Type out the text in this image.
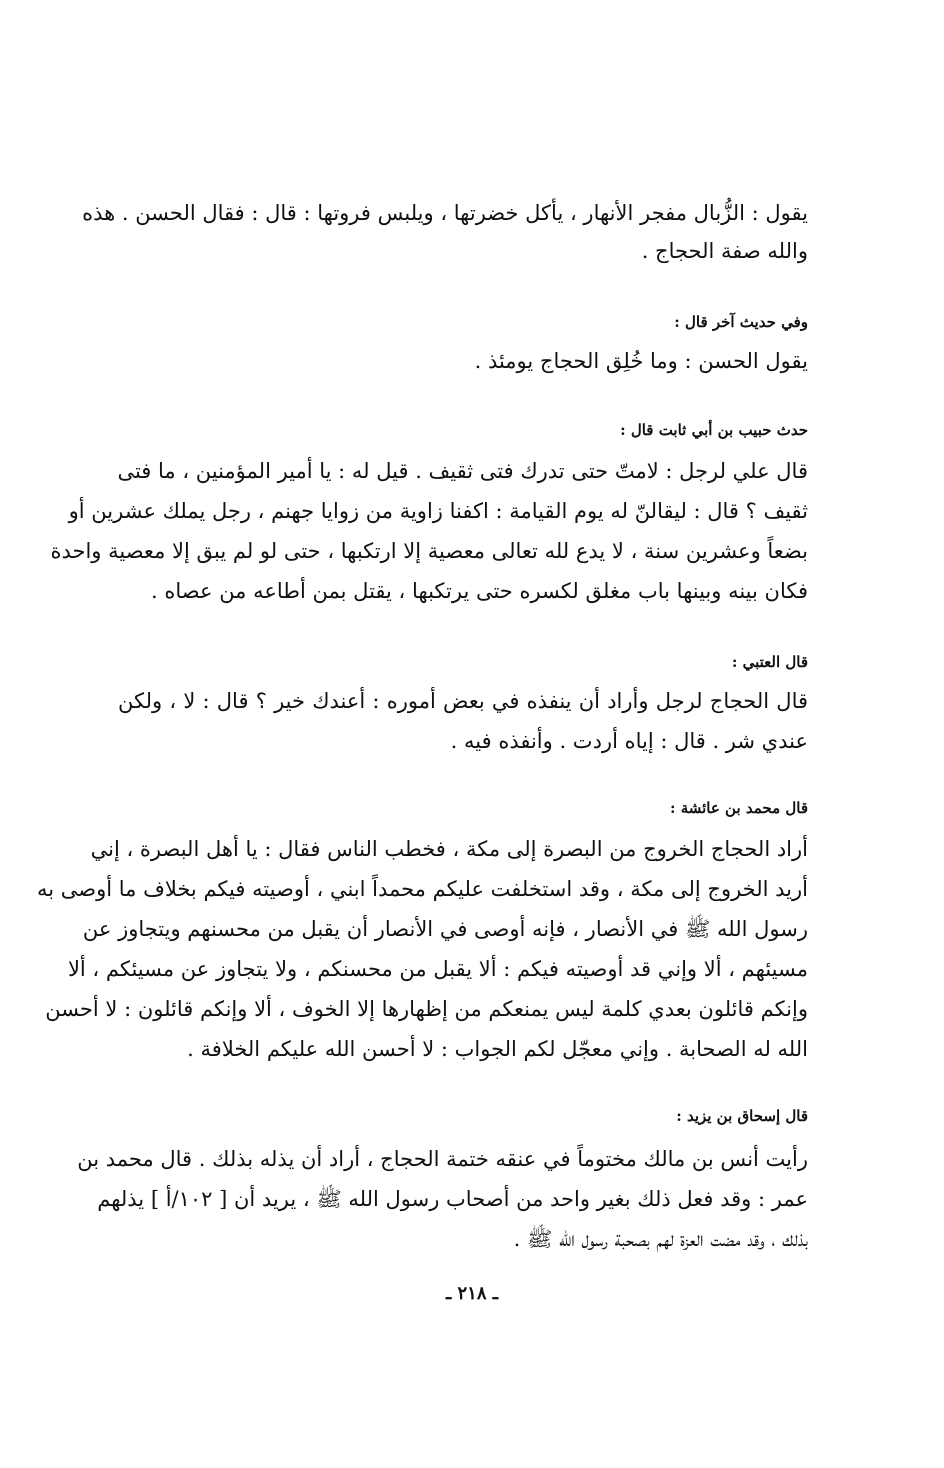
يقول : الزُّبال مفجر الأنهار ، يأكل خضرتها ، ويلبس فروتها : قال : فقال الحسن . هذه
والله صفة الحجاج .
وفي حديث آخر قال :
يقول الحسن : وما خُلِق الحجاج يومئذ .
حدث حبيب بن أبي ثابت قال :
قال علي لرجل : لامتّ حتى تدرك فتى ثقيف . قيل له : يا أمير المؤمنين ، ما فتى
ثقيف ؟ قال : ليقالنّ له يوم القيامة : اكفنا زاوية من زوايا جهنم ، رجل يملك عشرين أو
بضعاً وعشرين سنة ، لا يدع لله تعالى معصية إلا ارتكبها ، حتى لو لم يبق إلا معصية واحدة
فكان بينه وبينها باب مغلق لكسره حتى يرتكبها ، يقتل بمن أطاعه من عصاه .
قال العتبي :
قال الحجاج لرجل وأراد أن ينفذه في بعض أموره : أعندك خير ؟ قال : لا ، ولكن
عندي شر . قال : إياه أردت . وأنفذه فيه .
قال محمد بن عائشة :
أراد الحجاج الخروج من البصرة إلى مكة ، فخطب الناس فقال : يا أهل البصرة ، إني
أريد الخروج إلى مكة ، وقد استخلفت عليكم محمداً ابني ، أوصيته فيكم بخلاف ما أوصى به
رسول الله ﷺ في الأنصار ، فإنه أوصى في الأنصار أن يقبل من محسنهم ويتجاوز عن
مسيئهم ، ألا وإني قد أوصيته فيكم : ألا يقبل من محسنكم ، ولا يتجاوز عن مسيئكم ، ألا
وإنكم قائلون بعدي كلمة ليس يمنعكم من إظهارها إلا الخوف ، ألا وإنكم قائلون : لا أحسن
الله له الصحابة . وإني معجّل لكم الجواب : لا أحسن الله عليكم الخلافة .
قال إسحاق بن يزيد :
رأيت أنس بن مالك مختوماً في عنقه ختمة الحجاج ، أراد أن يذله بذلك . قال محمد بن
عمر : وقد فعل ذلك بغير واحد من أصحاب رسول الله ﷺ ، يريد أن [ ١٠٢/أ ] يذلهم
بذلك ، وقد مضت العزة لهم بصحبة رسول الله ﷺ .
ـ ٢١٨ ـ
